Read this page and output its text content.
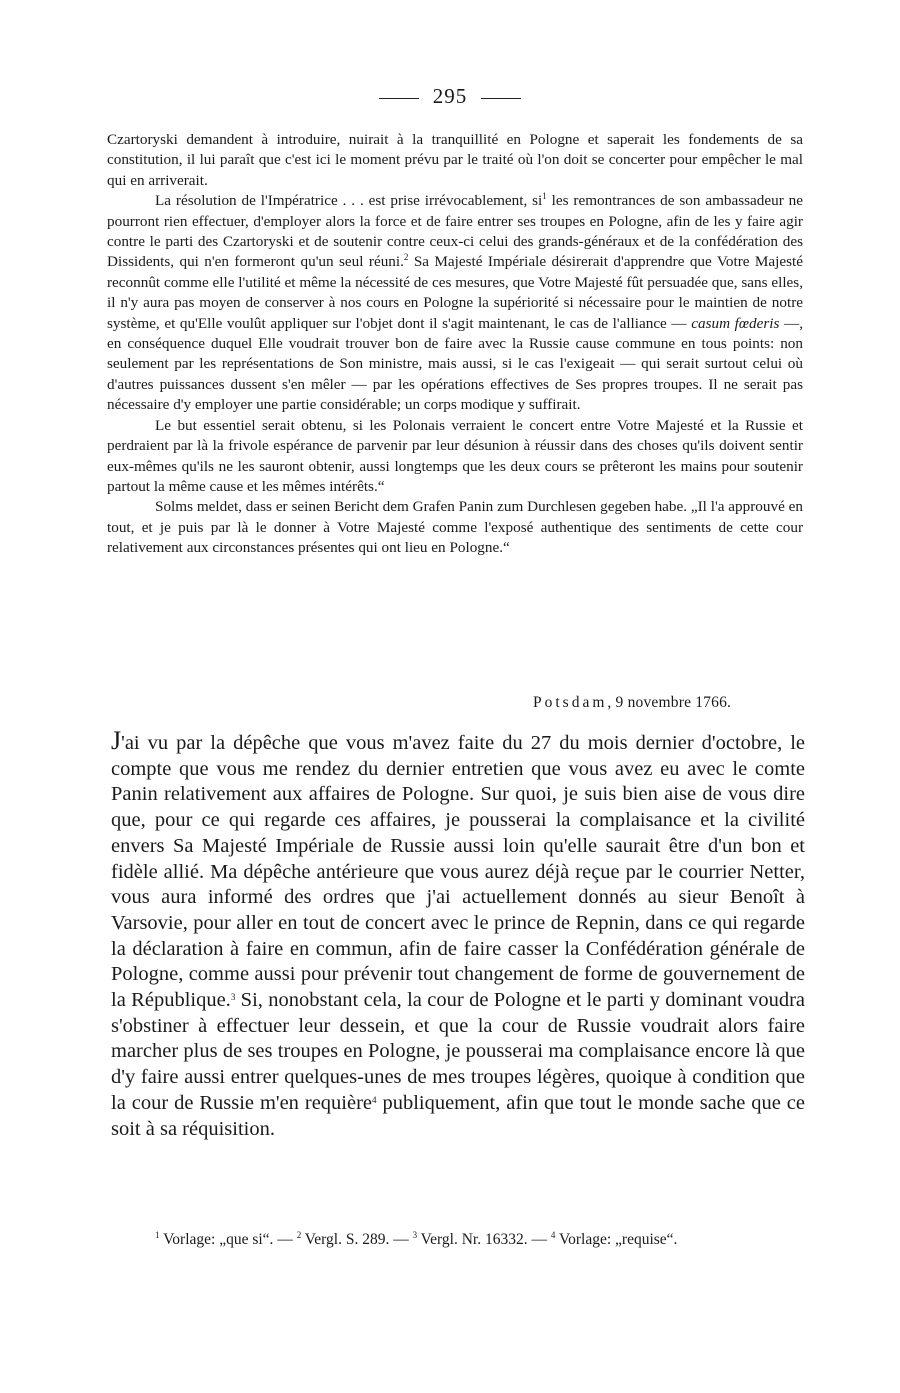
295

Czartoryski demandent à introduire, nuirait à la tranquillité en Pologne et saperait les fondements de sa constitution, il lui paraît que c'est ici le moment prévu par le traité où l'on doit se concerter pour empêcher le mal qui en arriverait.

La résolution de l'Impératrice . . . est prise irrévocablement, $si^1$ les remontrances de son ambassadeur ne pourront rien effectuer, d'employer alors la force et de faire entrer ses troupes en Pologne, afin de les y faire agir contre le parti des Czartoryski et de soutenir contre ceux-ci celui des grands-généraux et de la confédération des Dissidents, qui n'en formeront qu'un seul réuni.$^2$ Sa Majesté Impériale désirerait d'apprendre que Votre Majesté reconnût comme elle l'utilité et même la nécessité de ces mesures, que Votre Majesté fût persuadée que, sans elles, il n'y aura pas moyen de conserver à nos cours en Pologne la supériorité si nécessaire pour le maintien de notre système, et qu'Elle voulût appliquer sur l'objet dont il s'agit maintenant, le cas de l'alliance — casum fœderis —, en conséquence duquel Elle voudrait trouver bon de faire avec la Russie cause commune en tous points: non seulement par les représentations de Son ministre, mais aussi, si le cas l'exigeait — qui serait surtout celui où d'autres puissances dussent s'en mêler — par les opérations effectives de Ses propres troupes. Il ne serait pas nécessaire d'y employer une partie considérable; un corps modique y suffirait.

Le but essentiel serait obtenu, si les Polonais verraient le concert entre Votre Majesté et la Russie et perdraient par là la frivole espérance de parvenir par leur désunion à réussir dans des choses qu'ils doivent sentir eux-mêmes qu'ils ne les sauront obtenir, aussi longtemps que les deux cours se prêteront les mains pour soutenir partout la même cause et les mêmes intérêts.“

Solms meldet, dass er seinen Bericht dem Grafen Panin zum Durchlesen gegeben habe. „Il l'a approuvé en tout, et je puis par là le donner à Votre Majesté comme l'exposé authentique des sentiments de cette cour relativement aux circonstances présentes qui ont lieu en Pologne.“

Potsdam, 9 novembre 1766.

J'ai vu par la dépêche que vous m'avez faite du 27 du mois dernier d'octobre, le compte que vous me rendez du dernier entretien que vous avez eu avec le comte Panin relativement aux affaires de Pologne. Sur quoi, je suis bien aise de vous dire que, pour ce qui regarde ces affaires, je pousserai la complaisance et la civilité envers Sa Majesté Impériale de Russie aussi loin qu'elle saurait être d'un bon et fidèle allié. Ma dépêche antérieure que vous aurez déjà reçue par le courrier Netter, vous aura informé des ordres que j'ai actuellement donnés au sieur Benoît à Varsovie, pour aller en tout de concert avec le prince de Repnin, dans ce qui regarde la déclaration à faire en commun, afin de faire casser la Confédération générale de Pologne, comme aussi pour prévenir tout changement de forme de gouvernement de la République.$^3$ Si, nonobstant cela, la cour de Pologne et le parti y dominant voudra s'obstiner à effectuer leur dessein, et que la cour de Russie voudrait alors faire marcher plus de ses troupes en Pologne, je pousserai ma complaisance encore là que d'y faire aussi entrer quelques-unes de mes troupes légères, quoique à condition que la cour de Russie m'en requière$^4$ publiquement, afin que tout le monde sache que ce soit à sa réquisition.

$^1$ Vorlage: „que si“. — $^2$ Vergl. S. 289. — $^3$ Vergl. Nr. 16332. — $^4$ Vorlage: „requise“.
